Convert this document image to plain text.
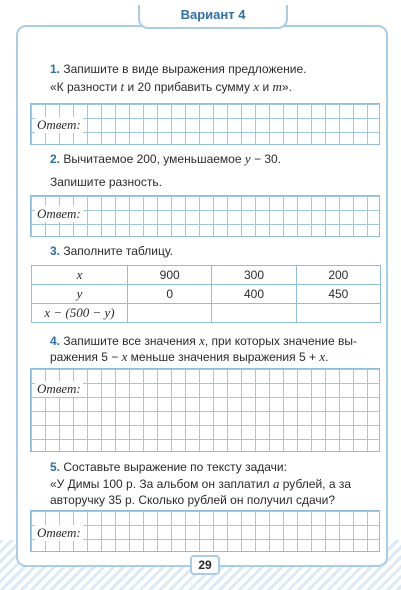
Вариант 4
1. Запишите в виде выражения предложение.
«К разности t и 20 прибавить сумму x и m».
Ответ:
2. Вычитаемое 200, уменьшаемое y − 30.
Запишите разность.
Ответ:
3. Заполните таблицу.
x	900	300	200
y	0	400	450
x − (500 − y)			
4. Запишите все значения x, при которых значение вы-
ражения 5 − x меньше значения выражения 5 + x.
Ответ:
5. Составьте выражение по тексту задачи:
«У Димы 100 р. За альбом он заплатил a рублей, а за
авторучку 35 р. Сколько рублей он получил сдачи?
Ответ:
29
